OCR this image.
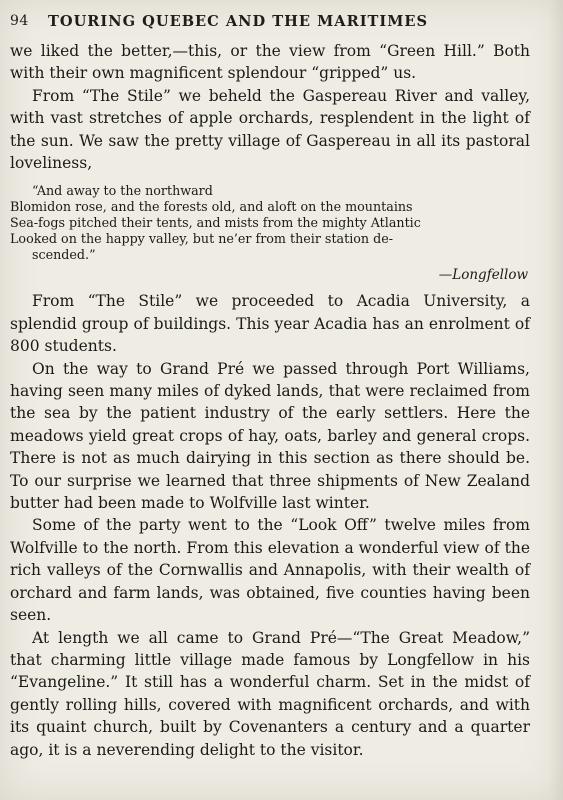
94 TOURING QUEBEC AND THE MARITIMES

we liked the better,—this, or the view from “Green Hill.” Both with their own magnificent splendour “gripped” us.

From “The Stile” we beheld the Gaspereau River and valley, with vast stretches of apple orchards, resplendent in the light of the sun. We saw the pretty village of Gaspereau in all its pastoral loveliness,

“And away to the northward
Blomidon rose, and the forests old, and aloft on the mountains
Sea-fogs pitched their tents, and mists from the mighty Atlantic
Looked on the happy valley, but ne’er from their station de-
scended.”

—Longfellow

From “The Stile” we proceeded to Acadia University, a splendid group of buildings. This year Acadia has an enrolment of 800 students.

On the way to Grand Pré we passed through Port Williams, having seen many miles of dyked lands, that were reclaimed from the sea by the patient industry of the early settlers. Here the meadows yield great crops of hay, oats, barley and general crops. There is not as much dairying in this section as there should be. To our surprise we learned that three shipments of New Zealand butter had been made to Wolfville last winter.

Some of the party went to the “Look Off” twelve miles from Wolfville to the north. From this elevation a wonderful view of the rich valleys of the Cornwallis and Annapolis, with their wealth of orchard and farm lands, was obtained, five counties having been seen.

At length we all came to Grand Pré—“The Great Meadow,” that charming little village made famous by Longfellow in his “Evangeline.” It still has a wonderful charm. Set in the midst of gently rolling hills, covered with magnificent orchards, and with its quaint church, built by Covenanters a century and a quarter ago, it is a neverending delight to the visitor.
